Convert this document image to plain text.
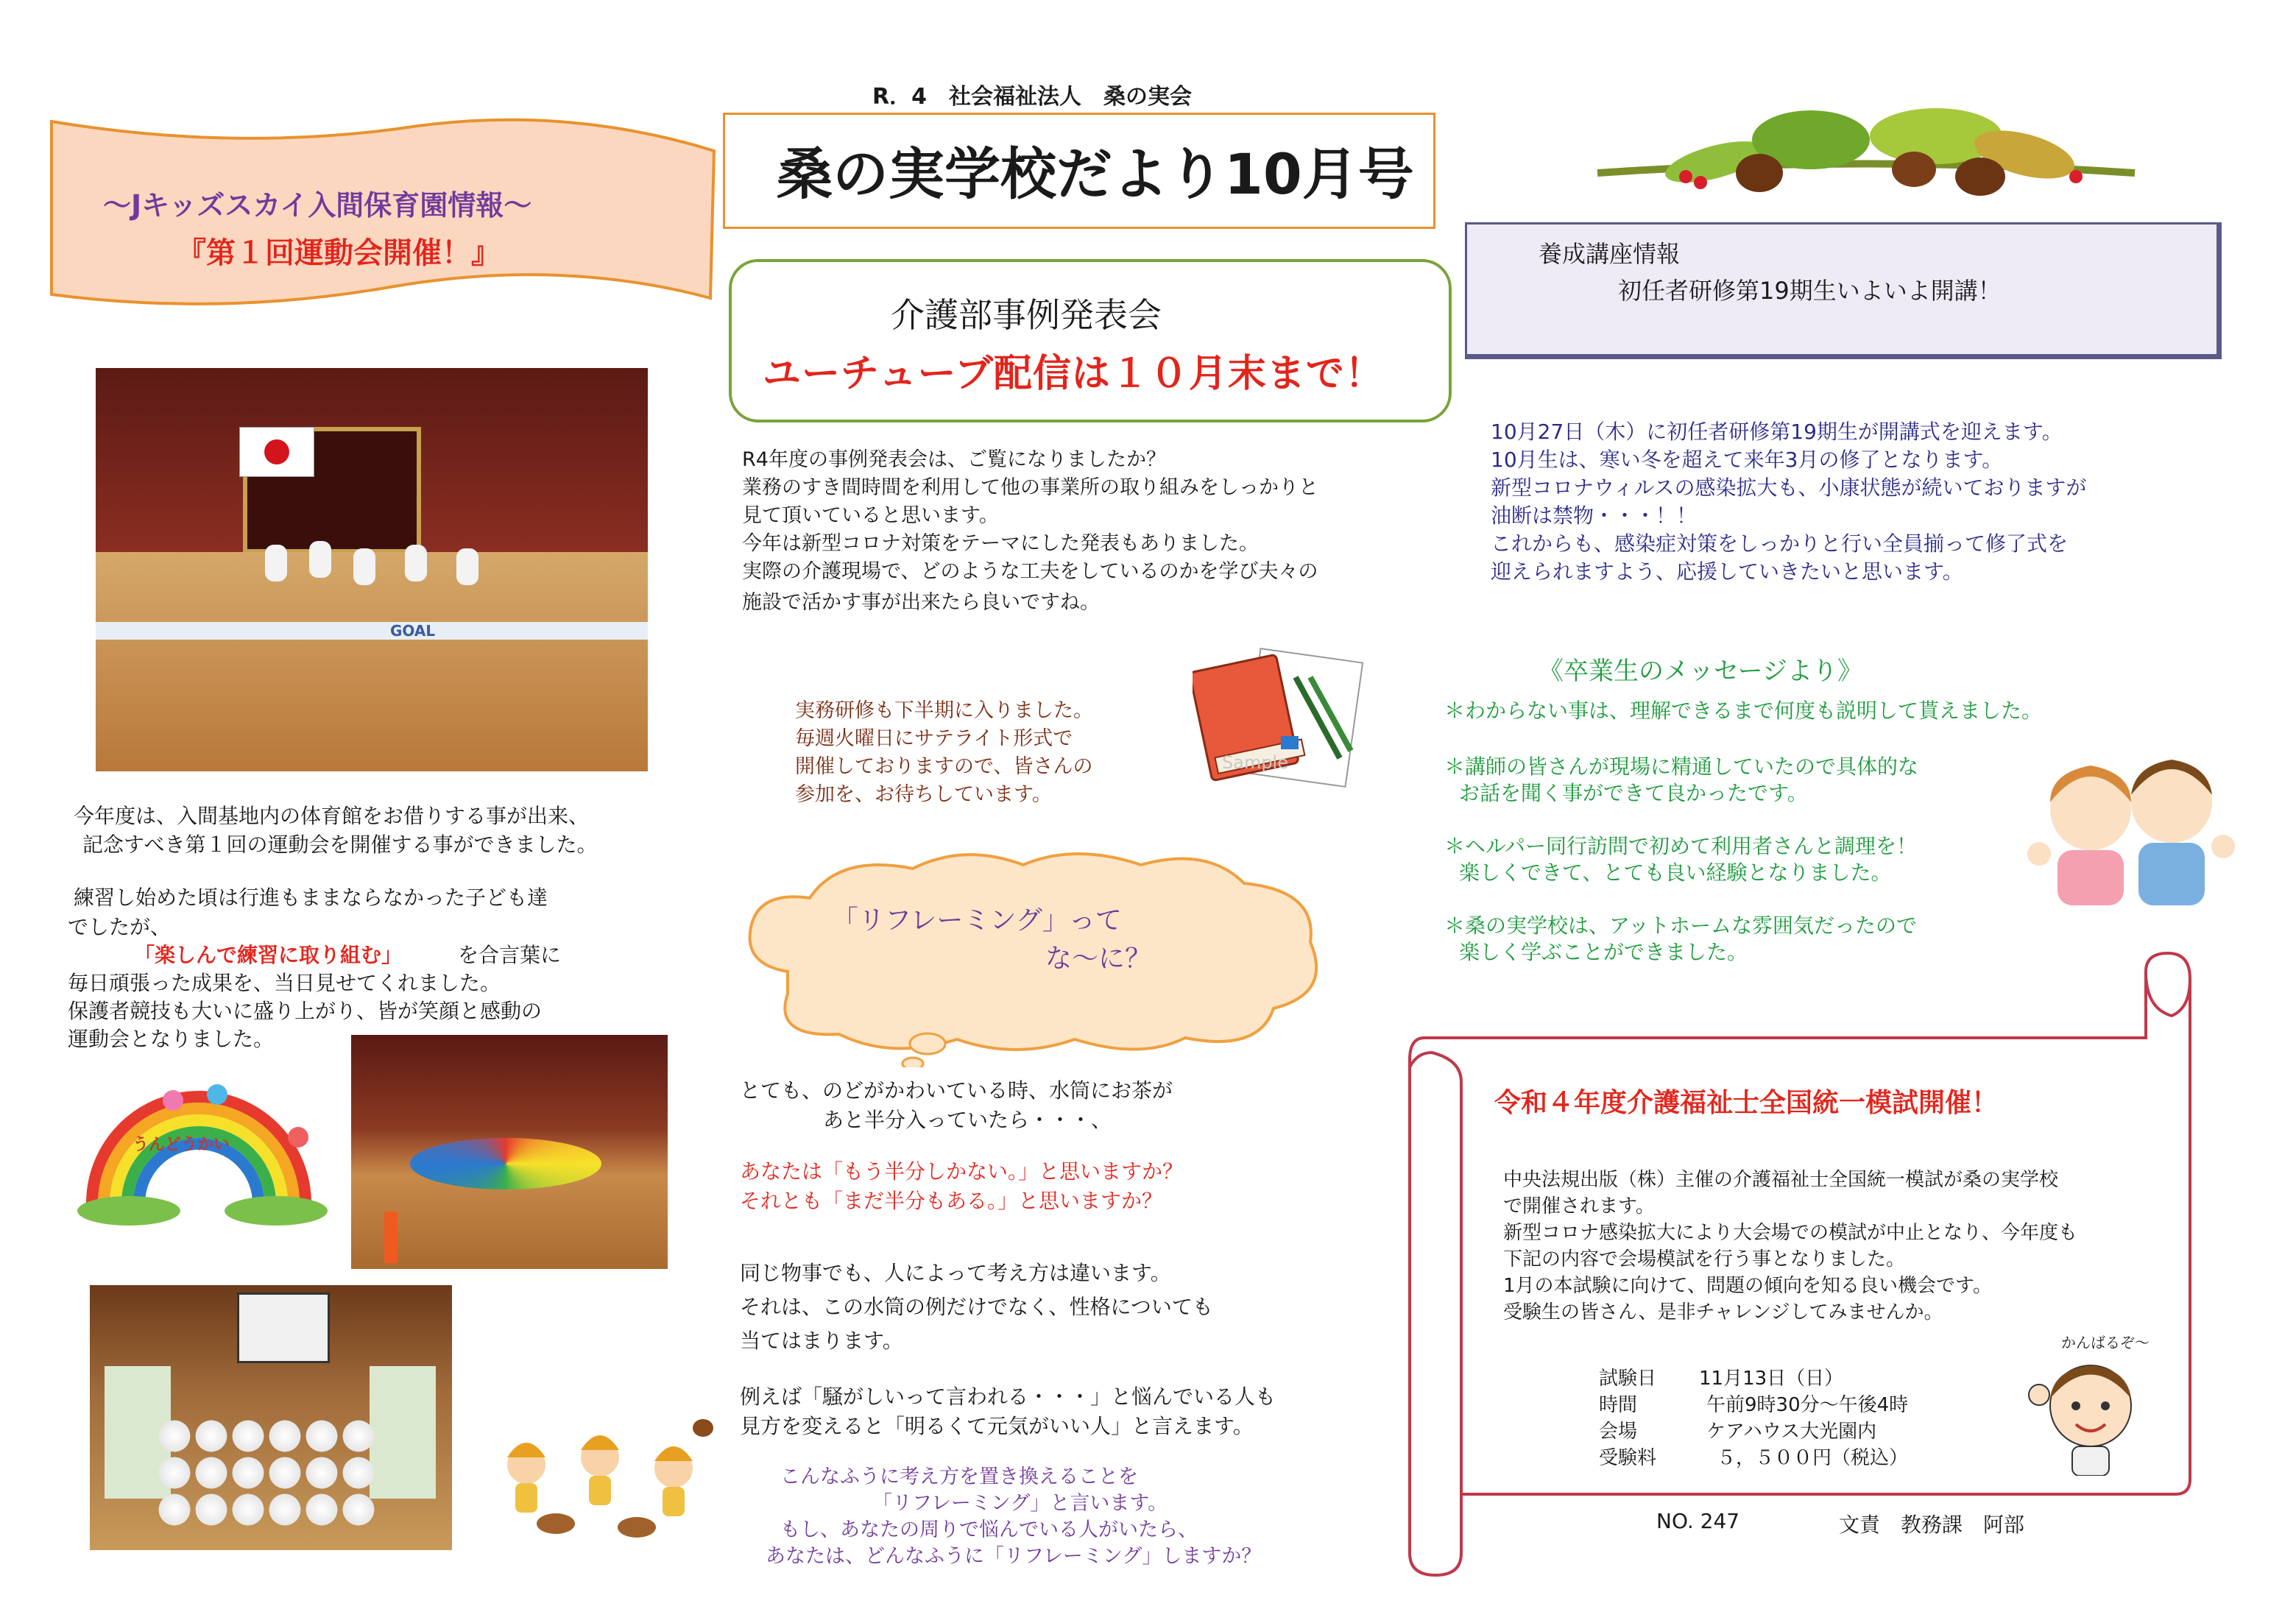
R．4　社会福祉法人　桑の実会
桑の実学校だより10月号
～Jキッズスカイ入間保育園情報～
『第１回運動会開催！』
GOAL
今年度は、入間基地内の体育館をお借りする事が出来、
記念すべき第１回の運動会を開催する事ができました。
練習し始めた頃は行進もままならなかった子ども達
でしたが、
「楽しんで練習に取り組む」	を合言葉に
毎日頑張った成果を、当日見せてくれました。
保護者競技も大いに盛り上がり、皆が笑顔と感動の
運動会となりました。
うんどうかい
介護部事例発表会
ユーチューブ配信は１０月末まで！
R4年度の事例発表会は、ご覧になりましたか？
業務のすき間時間を利用して他の事業所の取り組みをしっかりと
見て頂いていると思います。
今年は新型コロナ対策をテーマにした発表もありました。
実際の介護現場で、どのような工夫をしているのかを学び夫々の
施設で活かす事が出来たら良いですね。
実務研修も下半期に入りました。
毎週火曜日にサテライト形式で
開催しておりますので、皆さんの
参加を、お待ちしています。
Sample
「リフレーミング」って
な～に？
とても、のどがかわいている時、水筒にお茶が
あと半分入っていたら・・・、
あなたは「もう半分しかない。」と思いますか？
それとも「まだ半分もある。」と思いますか？
同じ物事でも、人によって考え方は違います。
それは、この水筒の例だけでなく、性格についても
当てはまります。
例えば「騒がしいって言われる・・・」と悩んでいる人も
見方を変えると「明るくて元気がいい人」と言えます。
こんなふうに考え方を置き換えることを
「リフレーミング」と言います。
もし、あなたの周りで悩んでいる人がいたら、
あなたは、どんなふうに「リフレーミング」しますか？
養成講座情報
初任者研修第19期生いよいよ開講！
10月27日（木）に初任者研修第19期生が開講式を迎えます。
10月生は、寒い冬を超えて来年3月の修了となります。
新型コロナウィルスの感染拡大も、小康状態が続いておりますが
油断は禁物・・・！！
これからも、感染症対策をしっかりと行い全員揃って修了式を
迎えられますよう、応援していきたいと思います。
《卒業生のメッセージより》
＊わからない事は、理解できるまで何度も説明して貰えました。
＊講師の皆さんが現場に精通していたので具体的な
お話を聞く事ができて良かったです。
＊ヘルパー同行訪問で初めて利用者さんと調理を！
楽しくできて、とても良い経験となりました。
＊桑の実学校は、アットホームな雰囲気だったので
楽しく学ぶことができました。
令和４年度介護福祉士全国統一模試開催！
中央法規出版（株）主催の介護福祉士全国統一模試が桑の実学校
で開催されます。
新型コロナ感染拡大により大会場での模試が中止となり、今年度も
下記の内容で会場模試を行う事となりました。
1月の本試験に向けて、問題の傾向を知る良い機会です。
受験生の皆さん、是非チャレンジしてみませんか。
試験日 11月13日（日）
時間	午前9時30分～午後4時
会場	ケアハウス大光園内
受験料	５，５００円（税込）
かんばるぞ～
NO. 247	文責　教務課　阿部
